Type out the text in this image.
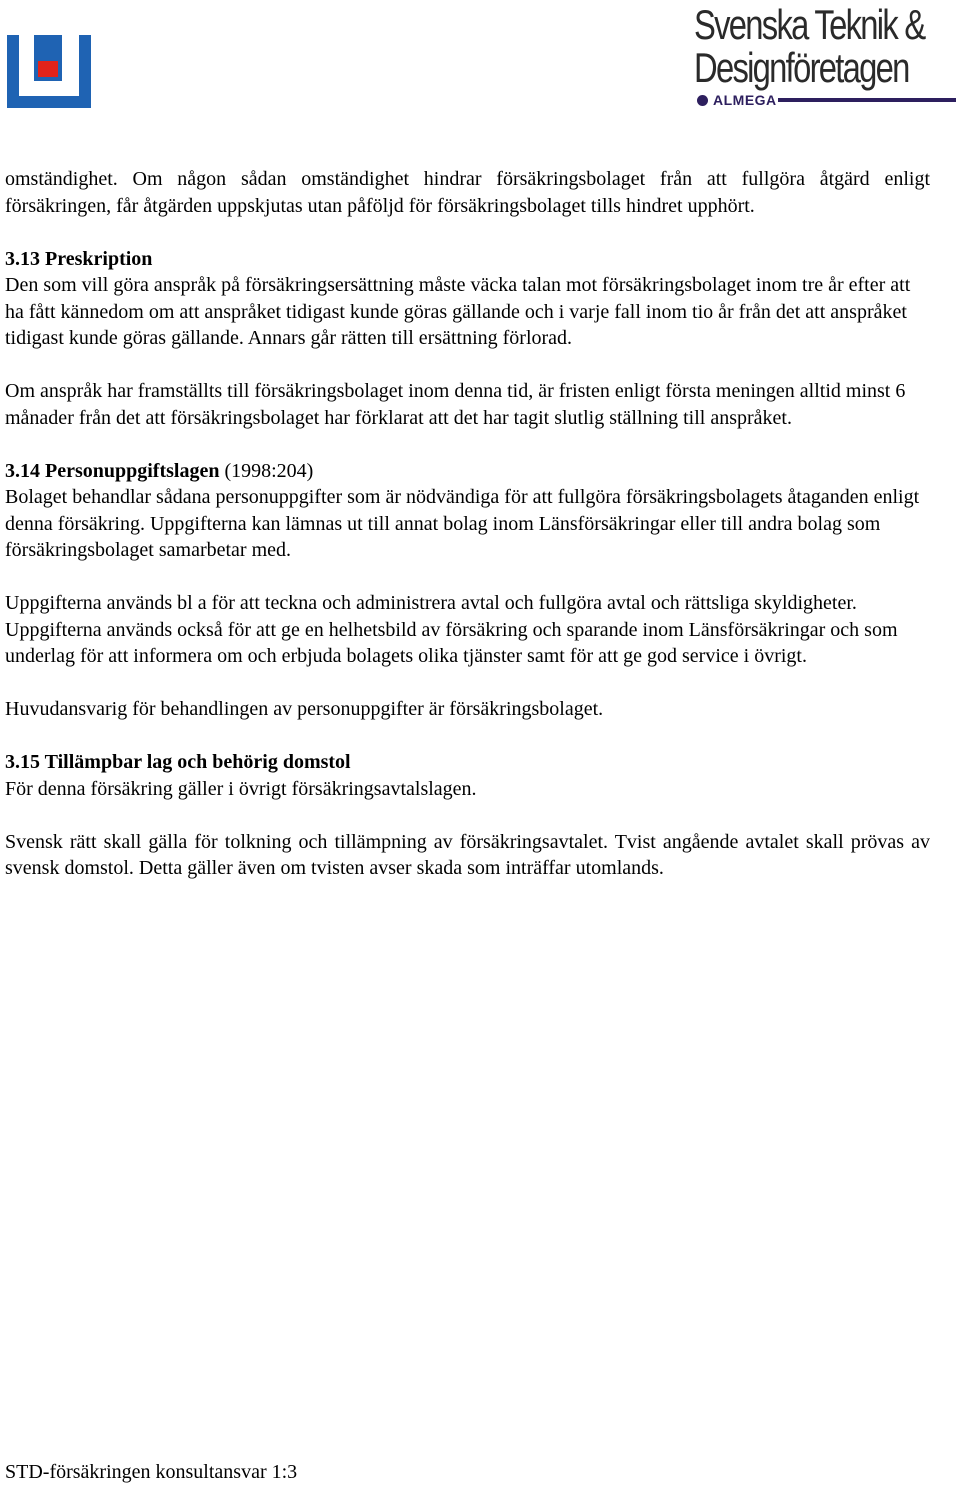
Svenska Teknik &
Designföretagen
ALMEGA

omständighet. Om någon sådan omständighet hindrar försäkringsbolaget från att fullgöra åtgärd enligt försäkringen, får åtgärden uppskjutas utan påföljd för försäkringsbolaget tills hindret upphört.

3.13 Preskription

Den som vill göra anspråk på försäkringsersättning måste väcka talan mot försäkringsbolaget inom tre år efter att ha fått kännedom om att anspråket tidigast kunde göras gällande och i varje fall inom tio år från det att anspråket tidigast kunde göras gällande. Annars går rätten till ersättning förlorad.

Om anspråk har framställts till försäkringsbolaget inom denna tid, är fristen enligt första meningen alltid minst 6 månader från det att försäkringsbolaget har förklarat att det har tagit slutlig ställning till anspråket.

3.14 Personuppgiftslagen (1998:204)

Bolaget behandlar sådana personuppgifter som är nödvändiga för att fullgöra försäkringsbolagets åtaganden enligt denna försäkring. Uppgifterna kan lämnas ut till annat bolag inom Länsförsäkringar eller till andra bolag som försäkringsbolaget samarbetar med.

Uppgifterna används bl a för att teckna och administrera avtal och fullgöra avtal och rättsliga skyldigheter. Uppgifterna används också för att ge en helhetsbild av försäkring och sparande inom Länsförsäkringar och som underlag för att informera om och erbjuda bolagets olika tjänster samt för att ge god service i övrigt.

Huvudansvarig för behandlingen av personuppgifter är försäkringsbolaget.

3.15 Tillämpbar lag och behörig domstol

För denna försäkring gäller i övrigt försäkringsavtalslagen.

Svensk rätt skall gälla för tolkning och tillämpning av försäkringsavtalet. Tvist angående avtalet skall prövas av svensk domstol. Detta gäller även om tvisten avser skada som inträffar utomlands.

STD-försäkringen konsultansvar 1:3
